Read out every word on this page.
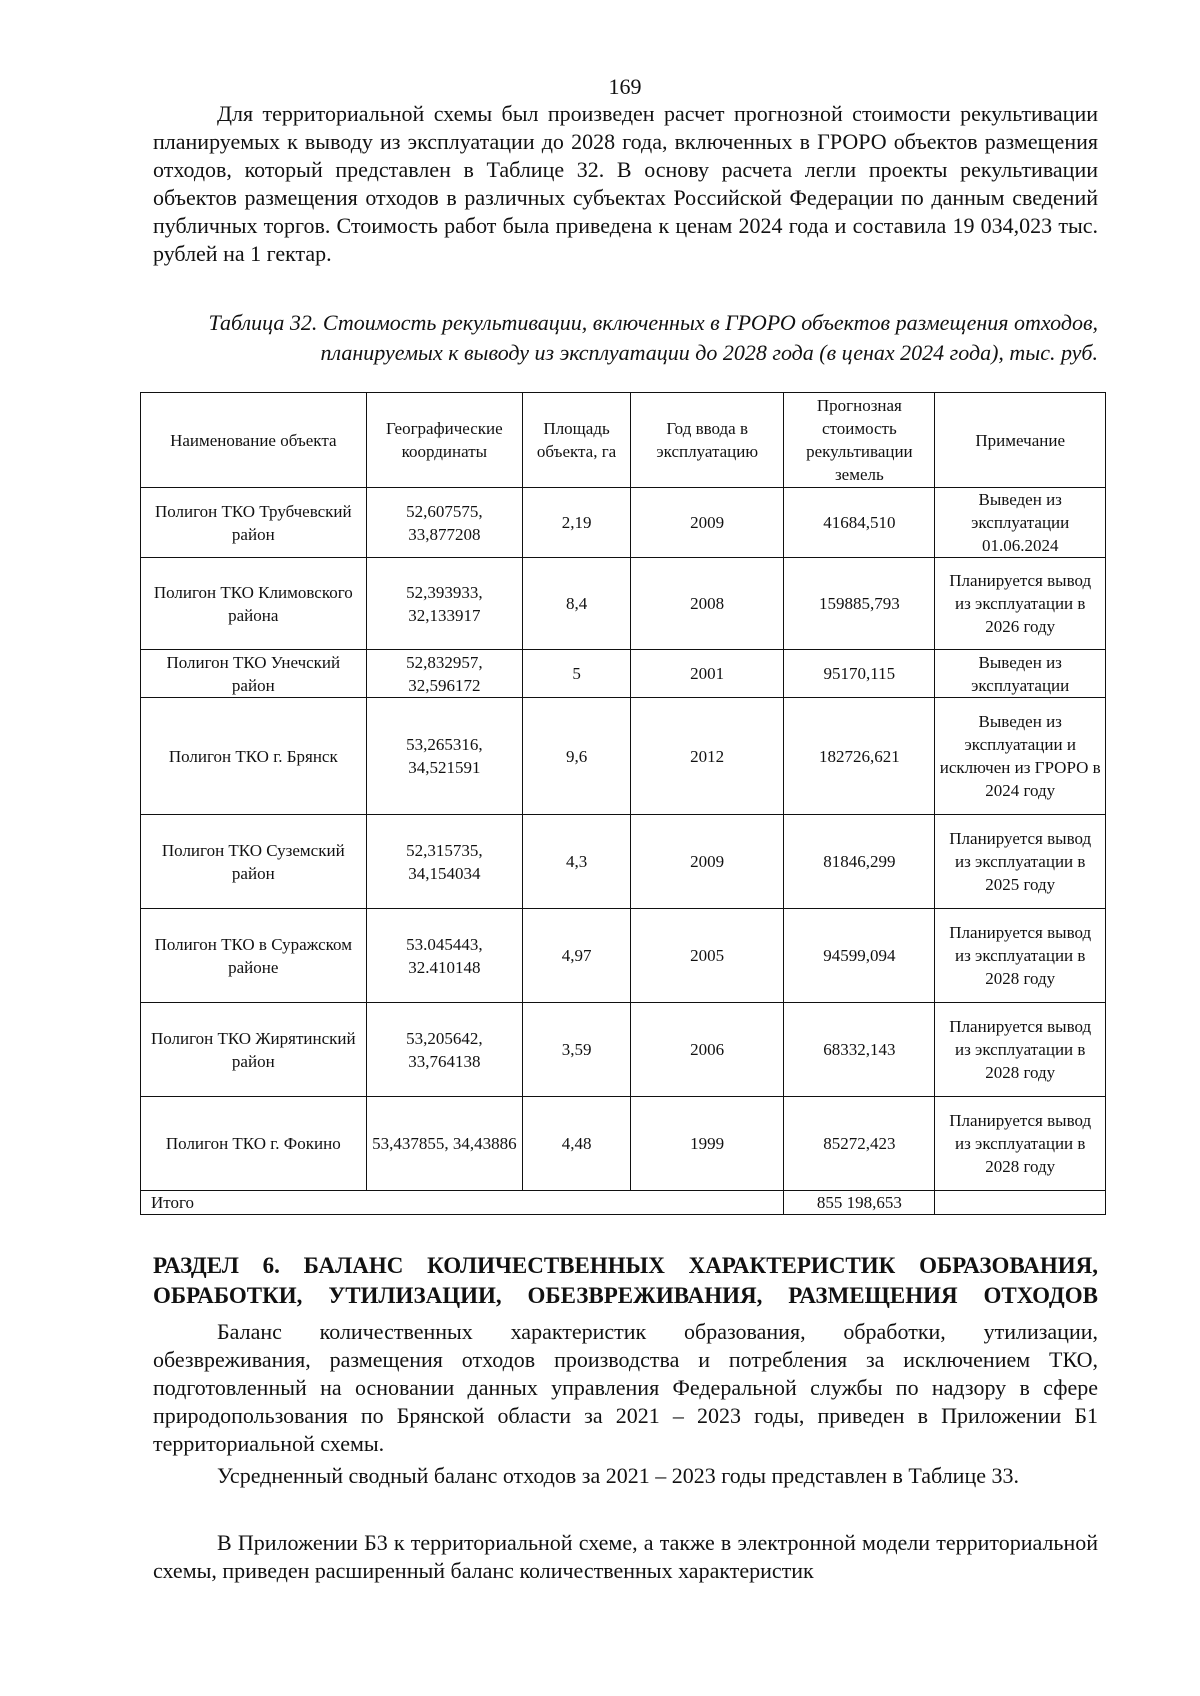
169

Для территориальной схемы был произведен расчет прогнозной стоимости рекультивации планируемых к выводу из эксплуатации до 2028 года, включенных в ГРОРО объектов размещения отходов, который представлен в Таблице 32. В основу расчета легли проекты рекультивации объектов размещения отходов в различных субъектах Российской Федерации по данным сведений публичных торгов. Стоимость работ была приведена к ценам 2024 года и составила 19 034,023 тыс. рублей на 1 гектар.

Таблица 32. Стоимость рекультивации, включенных в ГРОРО объектов размещения отходов, планируемых к выводу из эксплуатации до 2028 года (в ценах 2024 года), тыс. руб.
Наименование объекта	Географические координаты	Площадь объекта, га	Год ввода в эксплуатацию	Прогнозная стоимость рекультивации земель	Примечание
Полигон ТКО Трубчевский район	52,607575, 33,877208	2,19	2009	41684,510	Выведен из эксплуатации 01.06.2024
Полигон ТКО Климовского района	52,393933, 32,133917	8,4	2008	159885,793	Планируется вывод из эксплуатации в 2026 году
Полигон ТКО Унечский район	52,832957, 32,596172	5	2001	95170,115	Выведен из эксплуатации
Полигон ТКО г. Брянск	53,265316, 34,521591	9,6	2012	182726,621	Выведен из эксплуатации и исключен из ГРОРО в 2024 году
Полигон ТКО Суземский район	52,315735, 34,154034	4,3	2009	81846,299	Планируется вывод из эксплуатации в 2025 году
Полигон ТКО в Суражском районе	53.045443, 32.410148	4,97	2005	94599,094	Планируется вывод из эксплуатации в 2028 году
Полигон ТКО Жирятинский район	53,205642, 33,764138	3,59	2006	68332,143	Планируется вывод из эксплуатации в 2028 году
Полигон ТКО г. Фокино	53,437855, 34,43886	4,48	1999	85272,423	Планируется вывод из эксплуатации в 2028 году
Итого				855 198,653	
РАЗДЕЛ 6. БАЛАНС КОЛИЧЕСТВЕННЫХ ХАРАКТЕРИСТИК ОБРАЗОВАНИЯ, ОБРАБОТКИ, УТИЛИЗАЦИИ, ОБЕЗВРЕЖИВАНИЯ, РАЗМЕЩЕНИЯ ОТХОДОВ

Баланс количественных характеристик образования, обработки, утилизации, обезвреживания, размещения отходов производства и потребления за исключением ТКО, подготовленный на основании данных управления Федеральной службы по надзору в сфере природопользования по Брянской области за 2021 – 2023 годы, приведен в Приложении Б1 территориальной схемы.

Усредненный сводный баланс отходов за 2021 – 2023 годы представлен в Таблице 33.

В Приложении Б3 к территориальной схеме, а также в электронной модели территориальной схемы, приведен расширенный баланс количественных характеристик
